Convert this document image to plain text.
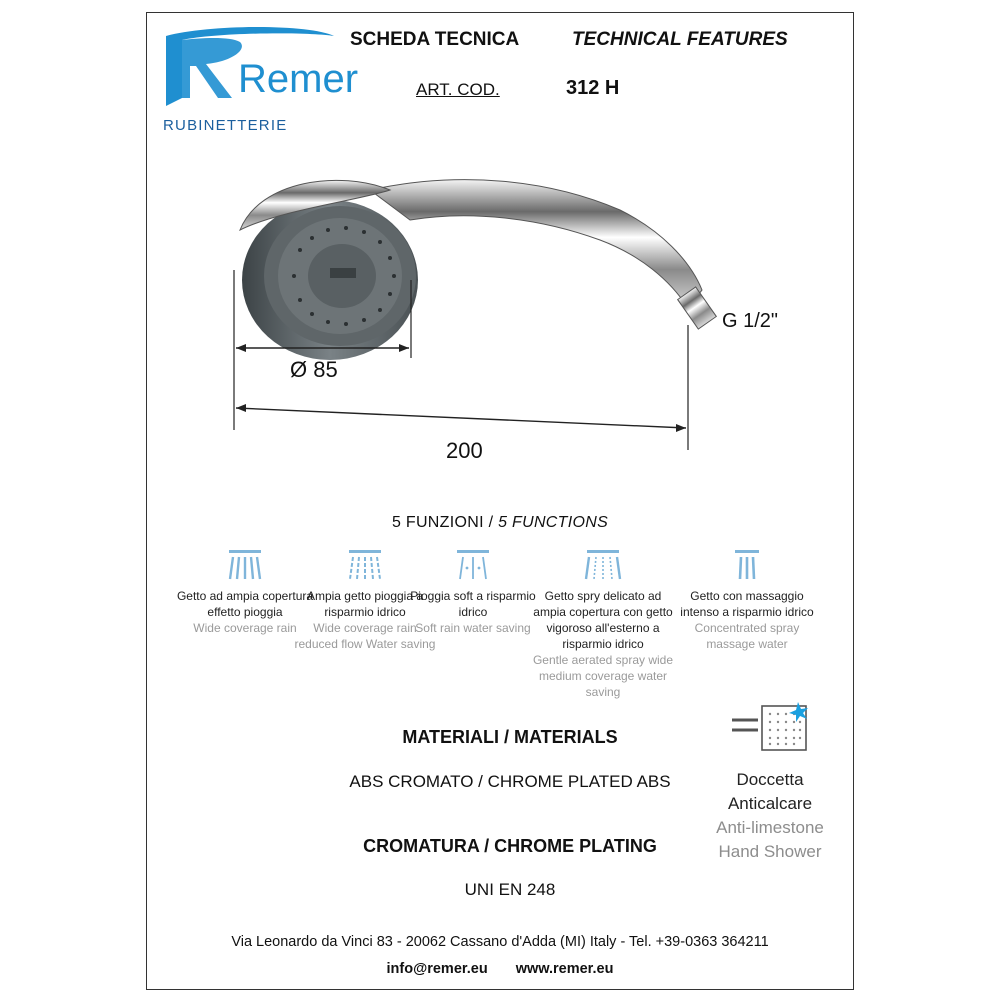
Remer
RUBINETTERIE
SCHEDA TECNICA	TECHNICAL FEATURES
ART. COD.	312 H
G 1/2"
Ø 85
200
5 FUNZIONI / 5 FUNCTIONS
Getto ad ampia copertura effetto pioggia
Wide coverage rain
Ampia getto pioggia a risparmio idrico
Wide coverage rain reduced flow Water saving
Pioggia soft a risparmio idrico
Soft rain water saving
Getto spry delicato ad ampia copertura con getto vigoroso all'esterno a risparmio idrico
Gentle aerated spray wide medium coverage water saving
Getto con massaggio intenso a risparmio idrico
Concentrated spray massage water
MATERIALI / MATERIALS
ABS CROMATO / CHROME PLATED ABS
CROMATURA / CHROME PLATING
UNI EN 248
Doccetta
Anticalcare
Anti-limestone
Hand Shower
Via Leonardo da Vinci 83 - 20062 Cassano d'Adda (MI) Italy - Tel. +39-0363 364211
info@remer.eu www.remer.eu
